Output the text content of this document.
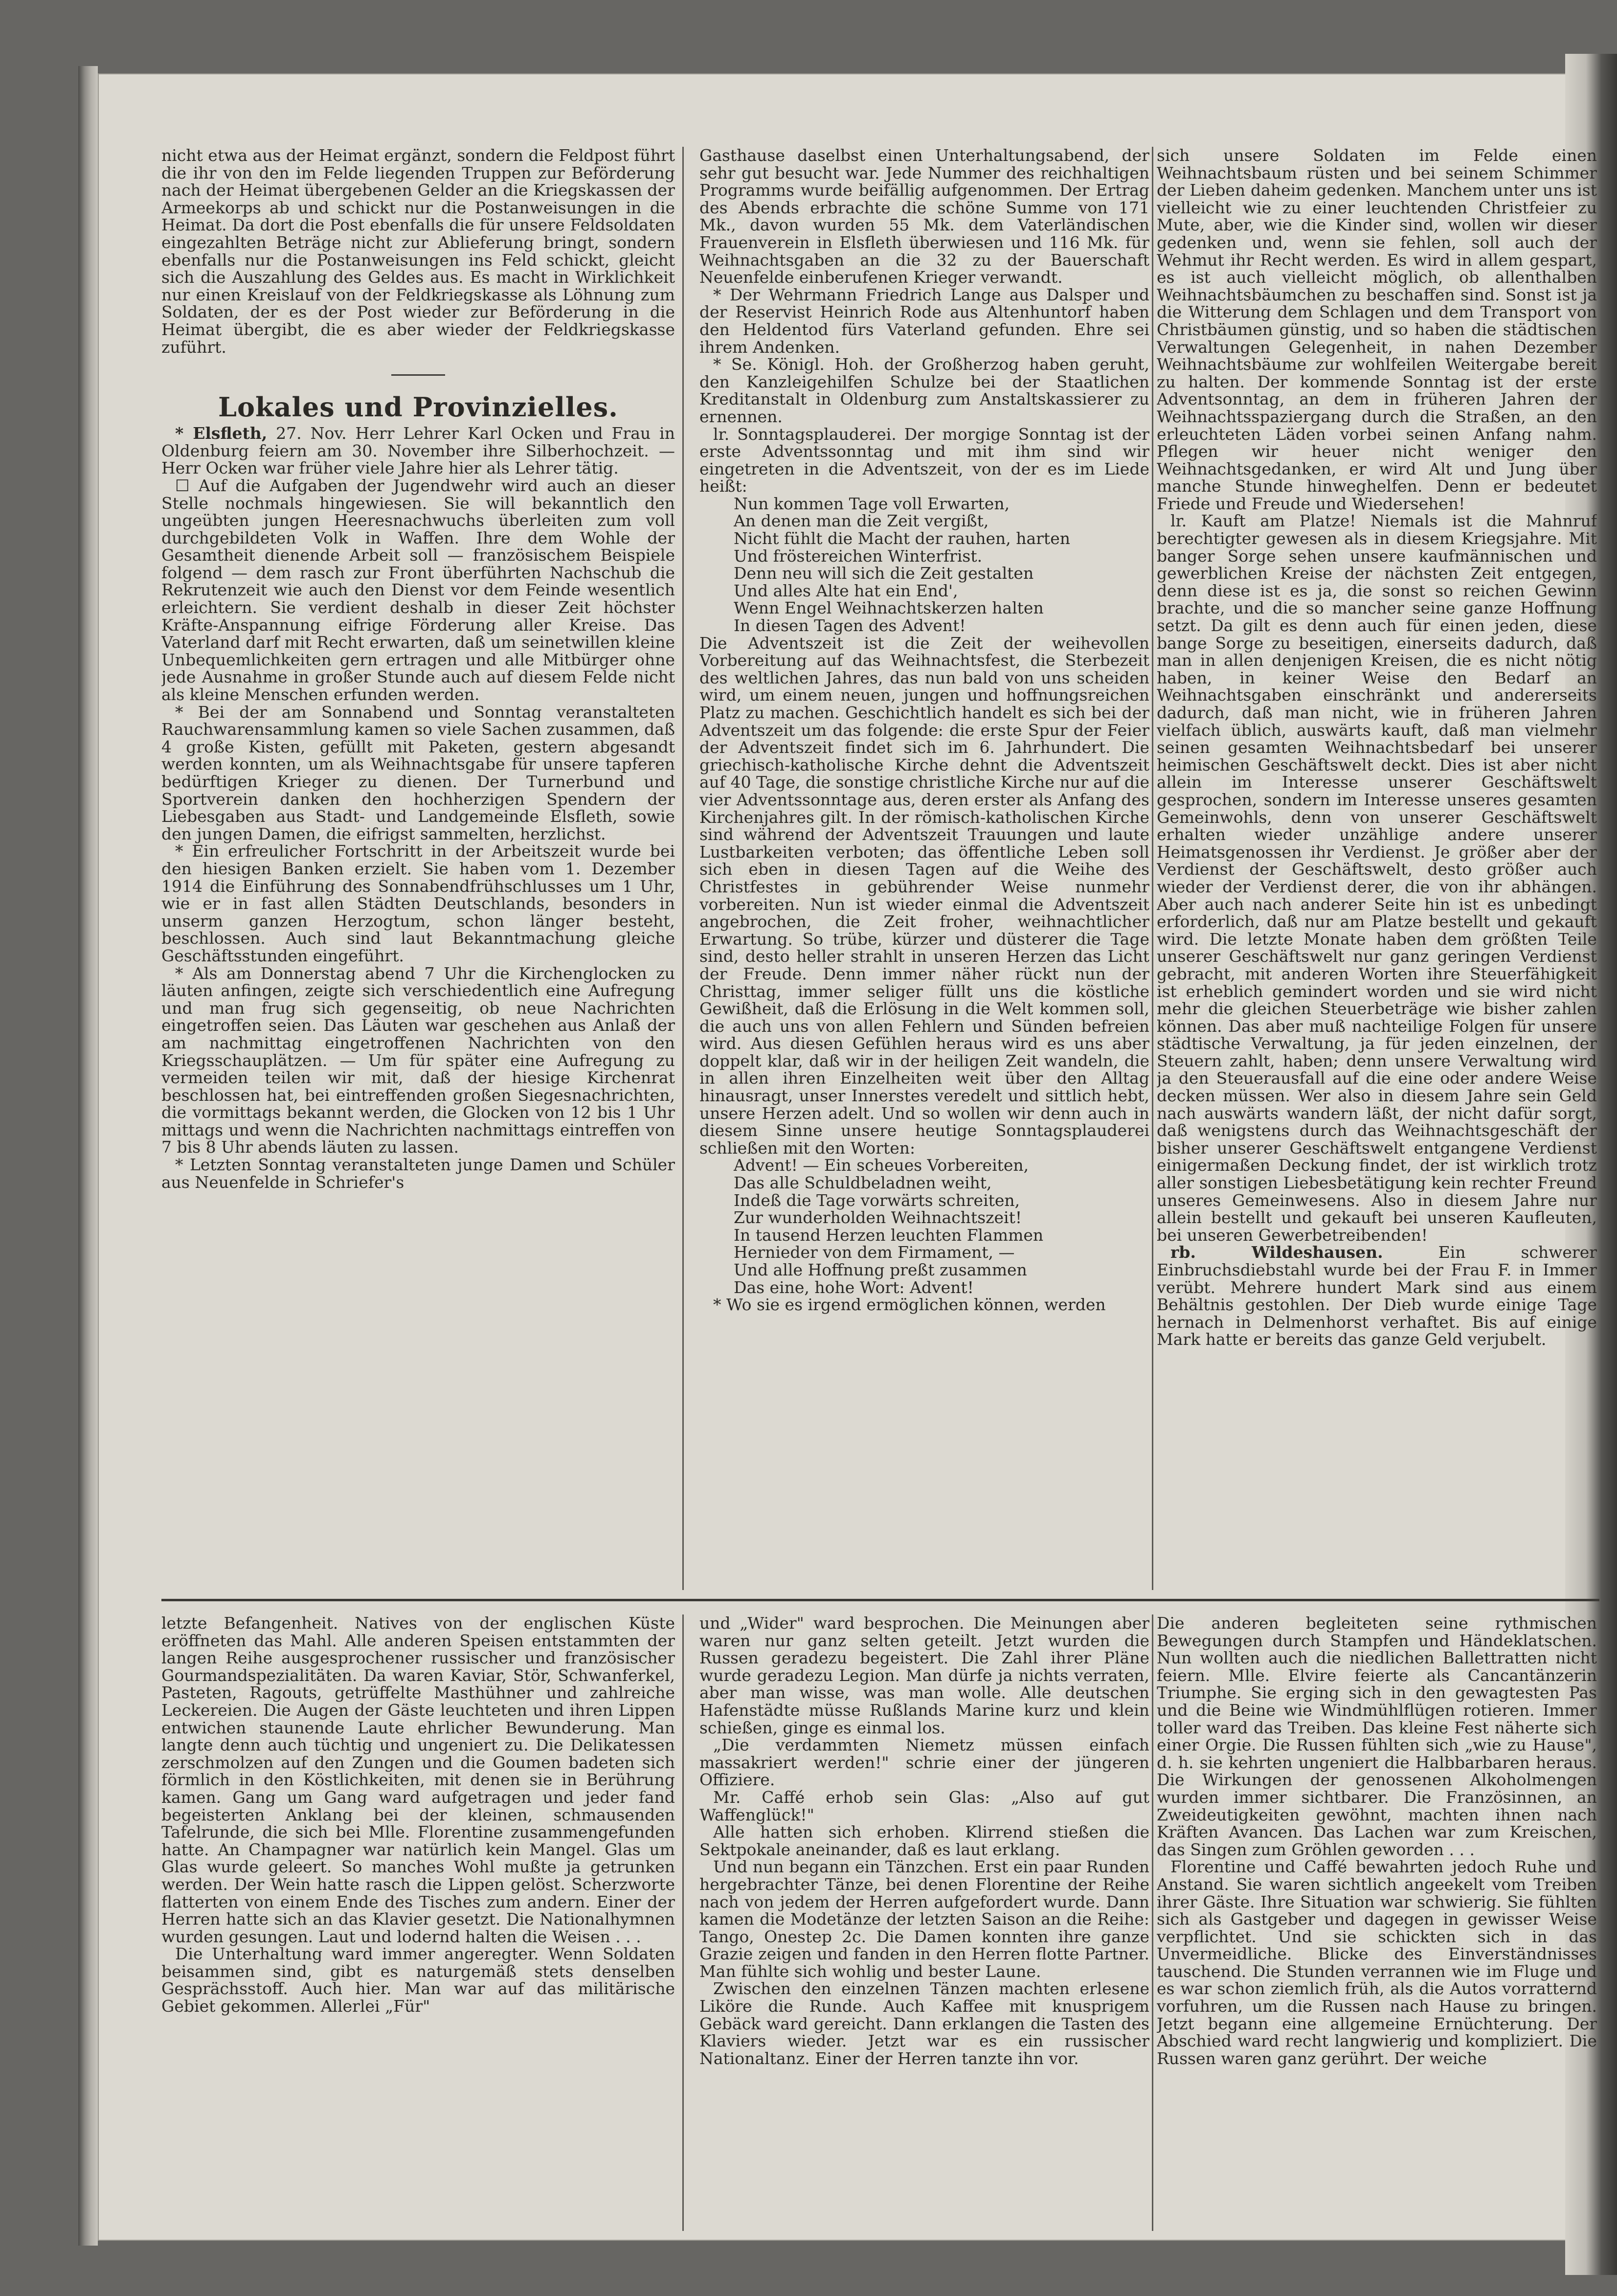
nicht etwa aus der Heimat ergänzt, sondern die Feldpost führt die ihr von den im Felde liegenden Truppen zur Beförderung nach der Heimat übergebenen Gelder an die Kriegskassen der Armeekorps ab und schickt nur die Postanweisungen in die Heimat. Da dort die Post ebenfalls die für unsere Feldsoldaten eingezahlten Beträge nicht zur Ablieferung bringt, sondern ebenfalls nur die Postanweisungen ins Feld schickt, gleicht sich die Auszahlung des Geldes aus. Es macht in Wirklichkeit nur einen Kreislauf von der Feldkriegskasse als Löhnung zum Soldaten, der es der Post wieder zur Beförderung in die Heimat übergibt, die es aber wieder der Feldkriegskasse zuführt.

Lokales und Provinzielles.

* Elsfleth, 27. Nov. Herr Lehrer Karl Ocken und Frau in Oldenburg feiern am 30. November ihre Silberhochzeit. — Herr Ocken war früher viele Jahre hier als Lehrer tätig.

☐ Auf die Aufgaben der Jugendwehr wird auch an dieser Stelle nochmals hingewiesen. Sie will bekanntlich den ungeübten jungen Heeresnachwuchs überleiten zum voll durchgebildeten Volk in Waffen. Ihre dem Wohle der Gesamtheit dienende Arbeit soll — französischem Beispiele folgend — dem rasch zur Front überführten Nachschub die Rekrutenzeit wie auch den Dienst vor dem Feinde wesentlich erleichtern. Sie verdient deshalb in dieser Zeit höchster Kräfte-Anspannung eifrige Förderung aller Kreise. Das Vaterland darf mit Recht erwarten, daß um seinetwillen kleine Unbequemlichkeiten gern ertragen und alle Mitbürger ohne jede Ausnahme in großer Stunde auch auf diesem Felde nicht als kleine Menschen erfunden werden.

* Bei der am Sonnabend und Sonntag veranstalteten Rauchwarensammlung kamen so viele Sachen zusammen, daß 4 große Kisten, gefüllt mit Paketen, gestern abgesandt werden konnten, um als Weihnachtsgabe für unsere tapferen bedürftigen Krieger zu dienen. Der Turnerbund und Sportverein danken den hochherzigen Spendern der Liebesgaben aus Stadt- und Landgemeinde Elsfleth, sowie den jungen Damen, die eifrigst sammelten, herzlichst.

* Ein erfreulicher Fortschritt in der Arbeitszeit wurde bei den hiesigen Banken erzielt. Sie haben vom 1. Dezember 1914 die Einführung des Sonnabendfrühschlusses um 1 Uhr, wie er in fast allen Städten Deutschlands, besonders in unserm ganzen Herzogtum, schon länger besteht, beschlossen. Auch sind laut Bekanntmachung gleiche Geschäftsstunden eingeführt.

* Als am Donnerstag abend 7 Uhr die Kirchenglocken zu läuten anfingen, zeigte sich verschiedentlich eine Aufregung und man frug sich gegenseitig, ob neue Nachrichten eingetroffen seien. Das Läuten war geschehen aus Anlaß der am nachmittag eingetroffenen Nachrichten von den Kriegsschauplätzen. — Um für später eine Aufregung zu vermeiden teilen wir mit, daß der hiesige Kirchenrat beschlossen hat, bei eintreffenden großen Siegesnachrichten, die vormittags bekannt werden, die Glocken von 12 bis 1 Uhr mittags und wenn die Nachrichten nachmittags eintreffen von 7 bis 8 Uhr abends läuten zu lassen.

* Letzten Sonntag veranstalteten junge Damen und Schüler aus Neuenfelde in Schriefer's

Gasthause daselbst einen Unterhaltungsabend, der sehr gut besucht war. Jede Nummer des reichhaltigen Programms wurde beifällig aufgenommen. Der Ertrag des Abends erbrachte die schöne Summe von 171 Mk., davon wurden 55 Mk. dem Vaterländischen Frauenverein in Elsfleth überwiesen und 116 Mk. für Weihnachtsgaben an die 32 zu der Bauerschaft Neuenfelde einberufenen Krieger verwandt.

* Der Wehrmann Friedrich Lange aus Dalsper und der Reservist Heinrich Rode aus Altenhuntorf haben den Heldentod fürs Vaterland gefunden. Ehre sei ihrem Andenken.

* Se. Königl. Hoh. der Großherzog haben geruht, den Kanzleigehilfen Schulze bei der Staatlichen Kreditanstalt in Oldenburg zum Anstaltskassierer zu ernennen.

lr. Sonntagsplauderei. Der morgige Sonntag ist der erste Adventssonntag und mit ihm sind wir eingetreten in die Adventszeit, von der es im Liede heißt:

Nun kommen Tage voll Erwarten,

An denen man die Zeit vergißt,

Nicht fühlt die Macht der rauhen, harten

Und fröstereichen Winterfrist.

Denn neu will sich die Zeit gestalten

Und alles Alte hat ein End',

Wenn Engel Weihnachtskerzen halten

In diesen Tagen des Advent!

Die Adventszeit ist die Zeit der weihevollen Vorbereitung auf das Weihnachtsfest, die Sterbezeit des weltlichen Jahres, das nun bald von uns scheiden wird, um einem neuen, jungen und hoffnungsreichen Platz zu machen. Geschichtlich handelt es sich bei der Adventszeit um das folgende: die erste Spur der Feier der Adventszeit findet sich im 6. Jahrhundert. Die griechisch-katholische Kirche dehnt die Adventszeit auf 40 Tage, die sonstige christliche Kirche nur auf die vier Adventssonntage aus, deren erster als Anfang des Kirchenjahres gilt. In der römisch-katholischen Kirche sind während der Adventszeit Trauungen und laute Lustbarkeiten verboten; das öffentliche Leben soll sich eben in diesen Tagen auf die Weihe des Christfestes in gebührender Weise nunmehr vorbereiten. Nun ist wieder einmal die Adventszeit angebrochen, die Zeit froher, weihnachtlicher Erwartung. So trübe, kürzer und düsterer die Tage sind, desto heller strahlt in unseren Herzen das Licht der Freude. Denn immer näher rückt nun der Christtag, immer seliger füllt uns die köstliche Gewißheit, daß die Erlösung in die Welt kommen soll, die auch uns von allen Fehlern und Sünden befreien wird. Aus diesen Gefühlen heraus wird es uns aber doppelt klar, daß wir in der heiligen Zeit wandeln, die in allen ihren Einzelheiten weit über den Alltag hinausragt, unser Innerstes veredelt und sittlich hebt, unsere Herzen adelt. Und so wollen wir denn auch in diesem Sinne unsere heutige Sonntagsplauderei schließen mit den Worten:

Advent! — Ein scheues Vorbereiten,

Das alle Schuldbeladnen weiht,

Indeß die Tage vorwärts schreiten,

Zur wunderholden Weihnachtszeit!

In tausend Herzen leuchten Flammen

Hernieder von dem Firmament, —

Und alle Hoffnung preßt zusammen

Das eine, hohe Wort: Advent!

* Wo sie es irgend ermöglichen können, werden

sich unsere Soldaten im Felde einen Weihnachtsbaum rüsten und bei seinem Schimmer der Lieben daheim gedenken. Manchem unter uns ist vielleicht wie zu einer leuchtenden Christfeier zu Mute, aber, wie die Kinder sind, wollen wir dieser gedenken und, wenn sie fehlen, soll auch der Wehmut ihr Recht werden. Es wird in allem gespart, es ist auch vielleicht möglich, ob allenthalben Weihnachtsbäumchen zu beschaffen sind. Sonst ist ja die Witterung dem Schlagen und dem Transport von Christbäumen günstig, und so haben die städtischen Verwaltungen Gelegenheit, in nahen Dezember Weihnachtsbäume zur wohlfeilen Weitergabe bereit zu halten. Der kommende Sonntag ist der erste Adventsonntag, an dem in früheren Jahren der Weihnachtsspaziergang durch die Straßen, an den erleuchteten Läden vorbei seinen Anfang nahm. Pflegen wir heuer nicht weniger den Weihnachtsgedanken, er wird Alt und Jung über manche Stunde hinweghelfen. Denn er bedeutet Friede und Freude und Wiedersehen!

lr. Kauft am Platze! Niemals ist die Mahnruf berechtigter gewesen als in diesem Kriegsjahre. Mit banger Sorge sehen unsere kaufmännischen und gewerblichen Kreise der nächsten Zeit entgegen, denn diese ist es ja, die sonst so reichen Gewinn brachte, und die so mancher seine ganze Hoffnung setzt. Da gilt es denn auch für einen jeden, diese bange Sorge zu beseitigen, einerseits dadurch, daß man in allen denjenigen Kreisen, die es nicht nötig haben, in keiner Weise den Bedarf an Weihnachtsgaben einschränkt und andererseits dadurch, daß man nicht, wie in früheren Jahren vielfach üblich, auswärts kauft, daß man vielmehr seinen gesamten Weihnachtsbedarf bei unserer heimischen Geschäftswelt deckt. Dies ist aber nicht allein im Interesse unserer Geschäftswelt gesprochen, sondern im Interesse unseres gesamten Gemeinwohls, denn von unserer Geschäftswelt erhalten wieder unzählige andere unserer Heimatsgenossen ihr Verdienst. Je größer aber der Verdienst der Geschäftswelt, desto größer auch wieder der Verdienst derer, die von ihr abhängen. Aber auch nach anderer Seite hin ist es unbedingt erforderlich, daß nur am Platze bestellt und gekauft wird. Die letzte Monate haben dem größten Teile unserer Geschäftswelt nur ganz geringen Verdienst gebracht, mit anderen Worten ihre Steuerfähigkeit ist erheblich gemindert worden und sie wird nicht mehr die gleichen Steuerbeträge wie bisher zahlen können. Das aber muß nachteilige Folgen für unsere städtische Verwaltung, ja für jeden einzelnen, der Steuern zahlt, haben; denn unsere Verwaltung wird ja den Steuerausfall auf die eine oder andere Weise decken müssen. Wer also in diesem Jahre sein Geld nach auswärts wandern läßt, der nicht dafür sorgt, daß wenigstens durch das Weihnachtsgeschäft der bisher unserer Geschäftswelt entgangene Verdienst einigermaßen Deckung findet, der ist wirklich trotz aller sonstigen Liebesbetätigung kein rechter Freund unseres Gemeinwesens. Also in diesem Jahre nur allein bestellt und gekauft bei unseren Kaufleuten, bei unseren Gewerbetreibenden!

rb. Wildeshausen.	Ein schwerer Einbruchsdiebstahl wurde bei der Frau F. in Immer verübt. Mehrere hundert Mark sind aus einem Behältnis gestohlen. Der Dieb wurde einige Tage hernach in Delmenhorst verhaftet. Bis auf einige Mark hatte er bereits das ganze Geld verjubelt.

letzte Befangenheit. Natives von der englischen Küste eröffneten das Mahl. Alle anderen Speisen entstammten der langen Reihe ausgesprochener russischer und französischer Gourmandspezialitäten. Da waren Kaviar, Stör, Schwanferkel, Pasteten, Ragouts, getrüffelte Masthühner und zahlreiche Leckereien. Die Augen der Gäste leuchteten und ihren Lippen entwichen staunende Laute ehrlicher Bewunderung. Man langte denn auch tüchtig und ungeniert zu. Die Delikatessen zerschmolzen auf den Zungen und die Goumen badeten sich förmlich in den Köstlichkeiten, mit denen sie in Berührung kamen. Gang um Gang ward aufgetragen und jeder fand begeisterten Anklang bei der kleinen, schmausenden Tafelrunde, die sich bei Mlle. Florentine zusammengefunden hatte. An Champagner war natürlich kein Mangel. Glas um Glas wurde geleert. So manches Wohl mußte ja getrunken werden. Der Wein hatte rasch die Lippen gelöst. Scherzworte flatterten von einem Ende des Tisches zum andern. Einer der Herren hatte sich an das Klavier gesetzt. Die Nationalhymnen wurden gesungen. Laut und lodernd halten die Weisen . . .

Die Unterhaltung ward immer angeregter. Wenn Soldaten beisammen sind, gibt es naturgemäß stets denselben Gesprächsstoff. Auch hier. Man war auf das militärische Gebiet gekommen. Allerlei „Für"

und „Wider" ward besprochen. Die Meinungen aber waren nur ganz selten geteilt. Jetzt wurden die Russen geradezu begeistert. Die Zahl ihrer Pläne wurde geradezu Legion. Man dürfe ja nichts verraten, aber man wisse, was man wolle. Alle deutschen Hafenstädte müsse Rußlands Marine kurz und klein schießen, ginge es einmal los.

„Die verdammten Niemetz müssen einfach massakriert werden!" schrie einer der jüngeren Offiziere.

Mr. Caffé erhob sein Glas: „Also auf gut Waffenglück!"

Alle hatten sich erhoben. Klirrend stießen die Sektpokale aneinander, daß es laut erklang.

Und nun begann ein Tänzchen. Erst ein paar Runden hergebrachter Tänze, bei denen Florentine der Reihe nach von jedem der Herren aufgefordert wurde. Dann kamen die Modetänze der letzten Saison an die Reihe: Tango, Onestep 2c. Die Damen konnten ihre ganze Grazie zeigen und fanden in den Herren flotte Partner. Man fühlte sich wohlig und bester Laune.

Zwischen den einzelnen Tänzen machten erlesene Liköre die Runde. Auch Kaffee mit knusprigem Gebäck ward gereicht. Dann erklangen die Tasten des Klaviers wieder. Jetzt war es ein russischer Nationaltanz. Einer der Herren tanzte ihn vor.

Die anderen begleiteten seine rythmischen Bewegungen durch Stampfen und Händeklatschen. Nun wollten auch die niedlichen Ballettratten nicht feiern. Mlle. Elvire feierte als Cancantänzerin Triumphe. Sie erging sich in den gewagtesten Pas und die Beine wie Windmühlflügen rotieren. Immer toller ward das Treiben. Das kleine Fest näherte sich einer Orgie. Die Russen fühlten sich „wie zu Hause", d. h. sie kehrten ungeniert die Halbbarbaren heraus. Die Wirkungen der genossenen Alkoholmengen wurden immer sichtbarer. Die Französinnen, an Zweideutigkeiten gewöhnt, machten ihnen nach Kräften Avancen. Das Lachen war zum Kreischen, das Singen zum Gröhlen geworden . . .

Florentine und Caffé bewahrten jedoch Ruhe und Anstand. Sie waren sichtlich angeekelt vom Treiben ihrer Gäste. Ihre Situation war schwierig. Sie fühlten sich als Gastgeber und dagegen in gewisser Weise verpflichtet. Und sie schickten sich in das Unvermeidliche. Blicke des Einverständnisses tauschend. Die Stunden verrannen wie im Fluge und es war schon ziemlich früh, als die Autos vorratternd vorfuhren, um die Russen nach Hause zu bringen. Jetzt begann eine allgemeine Ernüchterung. Der Abschied ward recht langwierig und kompliziert. Die Russen waren ganz gerührt. Der weiche
